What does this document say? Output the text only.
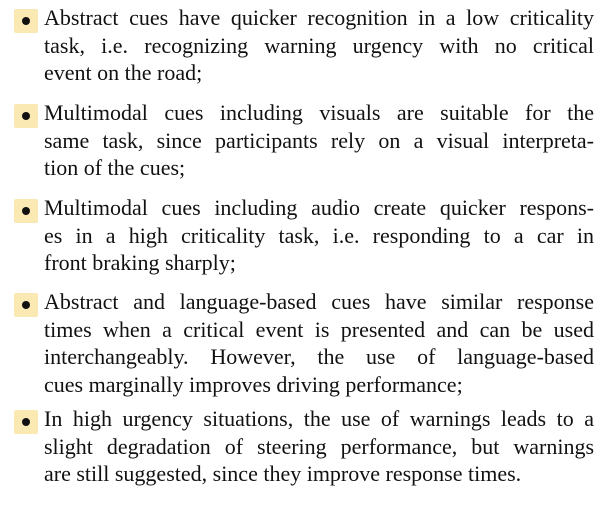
Abstract cues have quicker recognition in a low criticality
task, i.e. recognizing warning urgency with no critical
event on the road;
Multimodal cues including visuals are suitable for the
same task, since participants rely on a visual interpreta-
tion of the cues;
Multimodal cues including audio create quicker respons-
es in a high criticality task, i.e. responding to a car in
front braking sharply;
Abstract and language-based cues have similar response
times when a critical event is presented and can be used
interchangeably. However, the use of language-based
cues marginally improves driving performance;
In high urgency situations, the use of warnings leads to a
slight degradation of steering performance, but warnings
are still suggested, since they improve response times.
